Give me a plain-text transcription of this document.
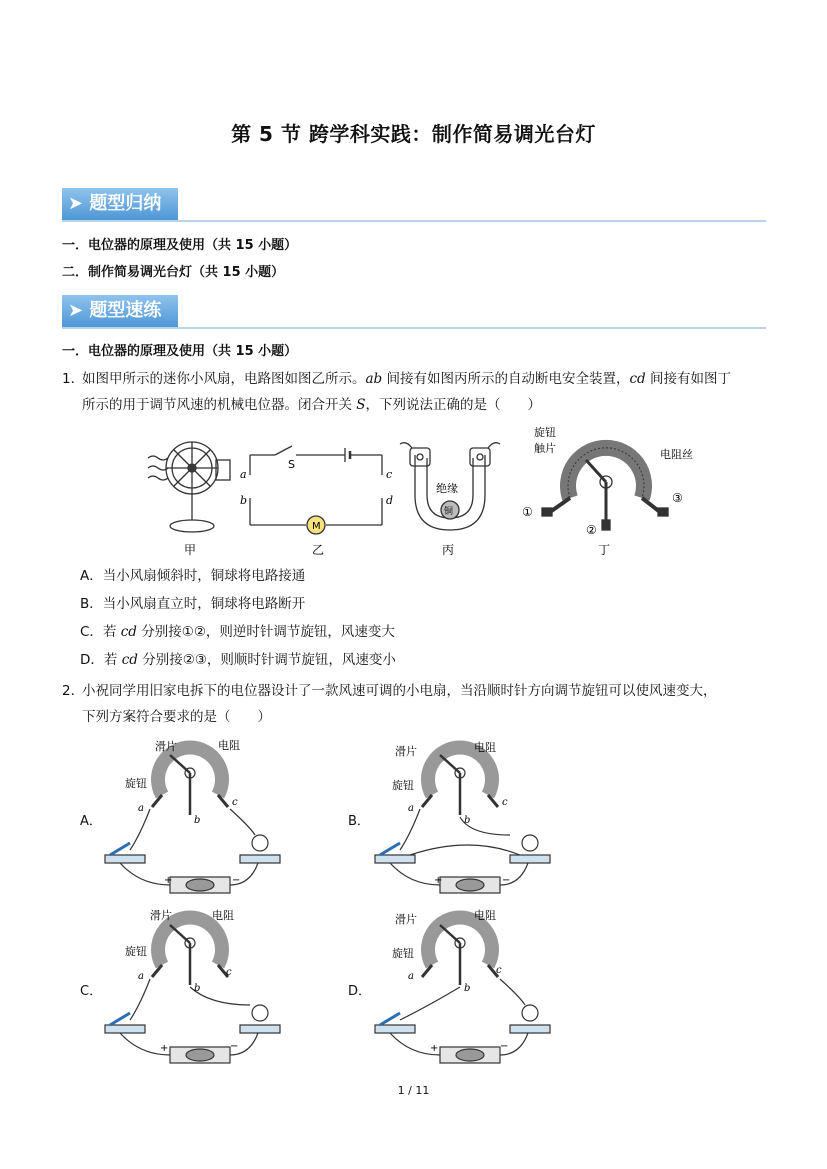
第 5 节 跨学科实践：制作简易调光台灯
➤ 题型归纳
一．电位器的原理及使用（共 15 小题）
二．制作简易调光台灯（共 15 小题）
➤ 题型速练
一．电位器的原理及使用（共 15 小题）
1．如图甲所示的迷你小风扇，电路图如图乙所示。ab 间接有如图丙所示的自动断电安全装置，cd 间接有如图丁
所示的用于调节风速的机械电位器。闭合开关 S，下列说法正确的是（　　）
甲
M
S
a
b
c
d
乙
绝缘
铜
丙
旋钮
触片	电阻丝
①
②
③
丁
A．当小风扇倾斜时，铜球将电路接通
B．当小风扇直立时，铜球将电路断开
C．若 cd 分别接①②，则逆时针调节旋钮，风速变大
D．若 cd 分别接②③，则顺时针调节旋钮，风速变小
2．小祝同学用旧家电拆下的电位器设计了一款风速可调的小电扇，当沿顺时针方向调节旋钮可以使风速变大，
下列方案符合要求的是（　　）
A．	B．
C．	D．
滑片	电阻
旋钮
a
b
c
+	−
滑片	电阻
旋钮
a
b
c
+	−
滑片	电阻
旋钮
a
b
c
+	−
滑片	电阻
旋钮
a
b
c
+	−
1 / 11
